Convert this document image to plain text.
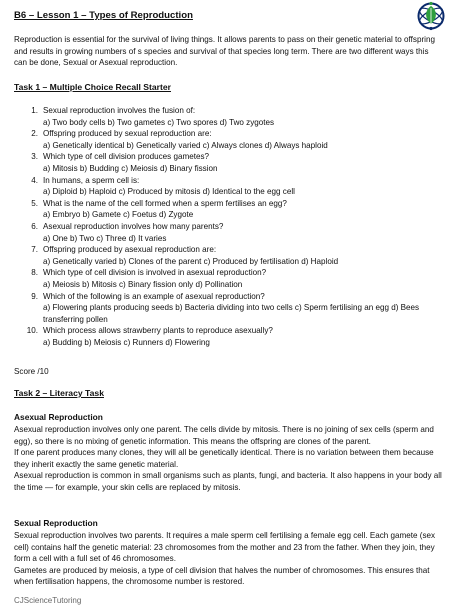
B6 – Lesson 1 – Types of Reproduction
Reproduction is essential for the survival of living things. It allows parents to pass on their genetic material to offspring and results in growing numbers of s species and survival of that species long term. There are two different ways this can be done, Sexual or Asexual reproduction.
Task 1 – Multiple Choice Recall Starter
1. Sexual reproduction involves the fusion of:
a) Two body cells b) Two gametes c) Two spores d) Two zygotes
2. Offspring produced by sexual reproduction are:
a) Genetically identical b) Genetically varied c) Always clones d) Always haploid
3. Which type of cell division produces gametes?
a) Mitosis b) Budding c) Meiosis d) Binary fission
4. In humans, a sperm cell is:
a) Diploid b) Haploid c) Produced by mitosis d) Identical to the egg cell
5. What is the name of the cell formed when a sperm fertilises an egg?
a) Embryo b) Gamete c) Foetus d) Zygote
6. Asexual reproduction involves how many parents?
a) One b) Two c) Three d) It varies
7. Offspring produced by asexual reproduction are:
a) Genetically varied b) Clones of the parent c) Produced by fertilisation d) Haploid
8. Which type of cell division is involved in asexual reproduction?
a) Meiosis b) Mitosis c) Binary fission only d) Pollination
9. Which of the following is an example of asexual reproduction?
a) Flowering plants producing seeds b) Bacteria dividing into two cells c) Sperm fertilising an egg d) Bees transferring pollen
10. Which process allows strawberry plants to reproduce asexually?
a) Budding b) Meiosis c) Runners d) Flowering
Score /10
Task 2 – Literacy Task
Asexual Reproduction

Asexual reproduction involves only one parent. The cells divide by mitosis. There is no joining of sex cells (sperm and egg), so there is no mixing of genetic information. This means the offspring are clones of the parent.

If one parent produces many clones, they will all be genetically identical. There is no variation between them because they inherit exactly the same genetic material.

Asexual reproduction is common in small organisms such as plants, fungi, and bacteria. It also happens in your body all the time — for example, your skin cells are replaced by mitosis.

Sexual Reproduction

Sexual reproduction involves two parents. It requires a male sperm cell fertilising a female egg cell. Each gamete (sex cell) contains half the genetic material: 23 chromosomes from the mother and 23 from the father. When they join, they form a cell with a full set of 46 chromosomes.

Gametes are produced by meiosis, a type of cell division that halves the number of chromosomes. This ensures that when fertilisation happens, the chromosome number is restored.

CJScienceTutoring
